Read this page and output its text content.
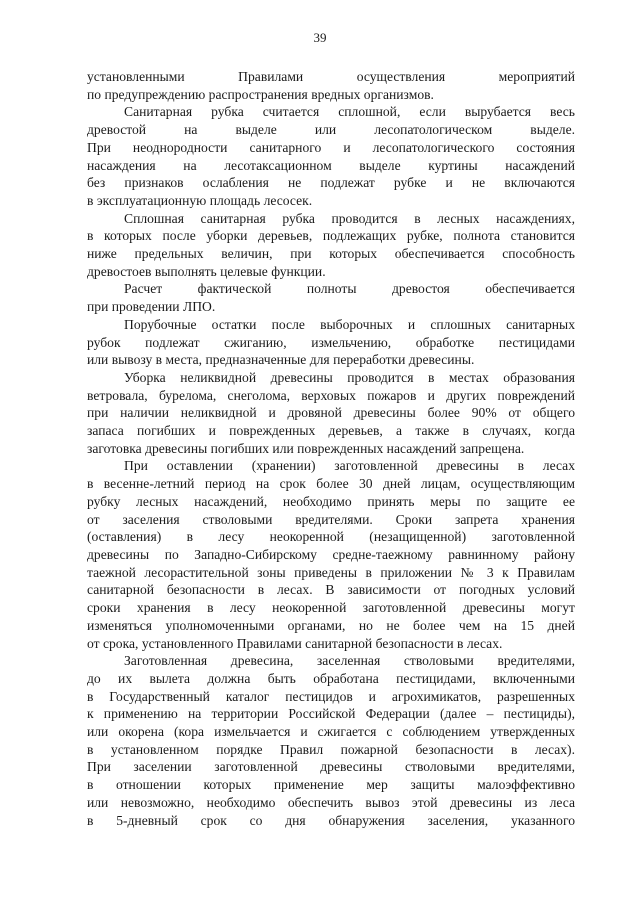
39

установленными Правилами осуществления мероприятий
по предупреждению распространения вредных организмов.

Санитарная рубка считается сплошной, если вырубается весь
древостой на выделе или лесопатологическом выделе.
При неоднородности санитарного и лесопатологического состояния
насаждения на лесотаксационном выделе куртины насаждений
без признаков ослабления не подлежат рубке и не включаются
в эксплуатационную площадь лесосек.

Сплошная санитарная рубка проводится в лесных насаждениях,
в которых после уборки деревьев, подлежащих рубке, полнота становится
ниже предельных величин, при которых обеспечивается способность
древостоев выполнять целевые функции.

Расчет фактической полноты древостоя обеспечивается
при проведении ЛПО.

Порубочные остатки после выборочных и сплошных санитарных
рубок подлежат сжиганию, измельчению, обработке пестицидами
или вывозу в места, предназначенные для переработки древесины.

Уборка неликвидной древесины проводится в местах образования
ветровала, бурелома, снеголома, верховых пожаров и других повреждений
при наличии неликвидной и дровяной древесины более 90% от общего
запаса погибших и поврежденных деревьев, а также в случаях, когда
заготовка древесины погибших или поврежденных насаждений запрещена.

При оставлении (хранении) заготовленной древесины в лесах
в весенне-летний период на срок более 30 дней лицам, осуществляющим
рубку лесных насаждений, необходимо принять меры по защите ее
от заселения стволовыми вредителями. Сроки запрета хранения
(оставления) в лесу неокоренной (незащищенной) заготовленной
древесины по Западно-Сибирскому средне-таежному равнинному району
таежной лесорастительной зоны приведены в приложении № 3 к Правилам
санитарной безопасности в лесах. В зависимости от погодных условий
сроки хранения в лесу неокоренной заготовленной древесины могут
изменяться уполномоченными органами, но не более чем на 15 дней
от срока, установленного Правилами санитарной безопасности в лесах.

Заготовленная древесина, заселенная стволовыми вредителями,
до их вылета должна быть обработана пестицидами, включенными
в Государственный каталог пестицидов и агрохимикатов, разрешенных
к применению на территории Российской Федерации (далее – пестициды),
или окорена (кора измельчается и сжигается с соблюдением утвержденных
в установленном порядке Правил пожарной безопасности в лесах).
При заселении заготовленной древесины стволовыми вредителями,
в отношении которых применение мер защиты малоэффективно
или невозможно, необходимо обеспечить вывоз этой древесины из леса
в 5-дневный срок со дня обнаружения заселения, указанного
